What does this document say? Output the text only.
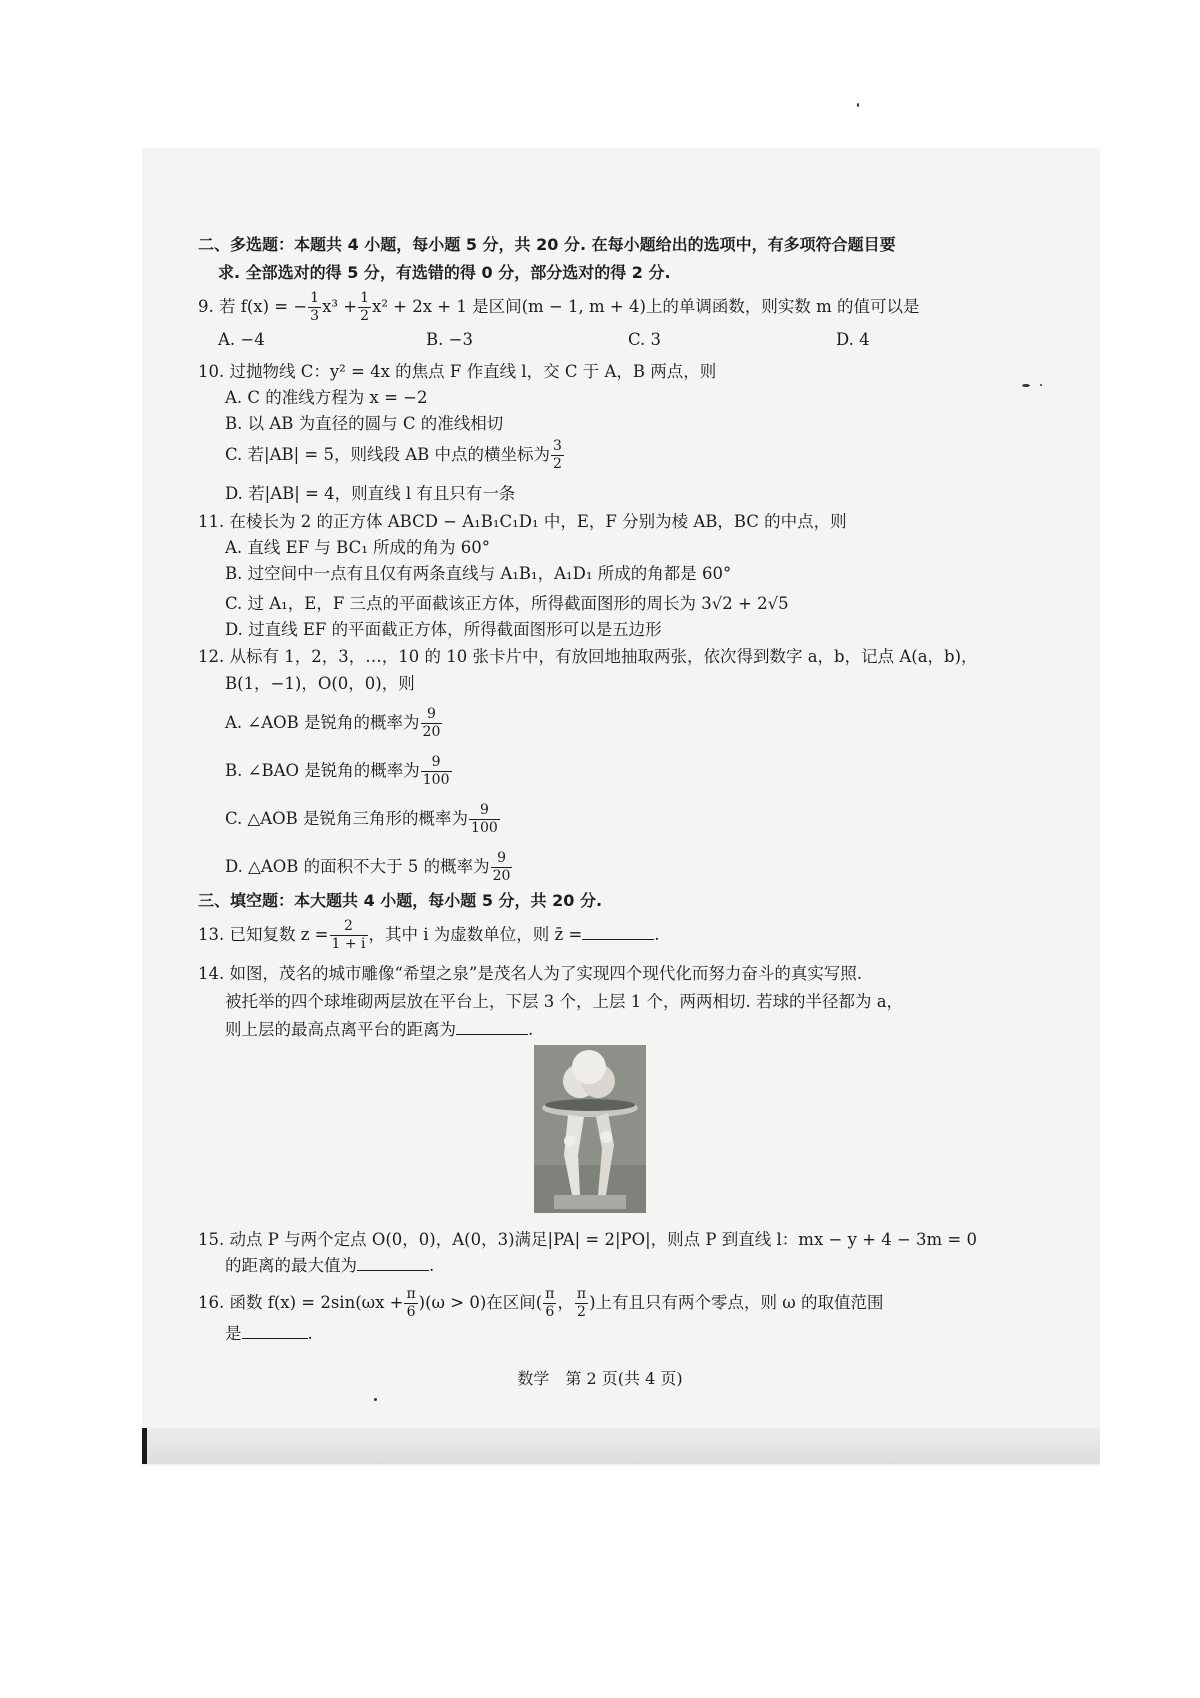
二、多选题：本题共 4 小题，每小题 5 分，共 20 分. 在每小题给出的选项中，有多项符合题目要
求. 全部选对的得 5 分，有选错的得 0 分，部分选对的得 2 分.
9. 若 f(x) = − $\frac{1}{3} x^3 + \frac{1}{2} x^2 + 2x + 1$ 是区间(m − 1, m + 4)上的单调函数，则实数 m 的值可以是
A. −4	B. −3	C. 3	D. 4
10. 过抛物线 C：y² = 4x 的焦点 F 作直线 l，交 C 于 A，B 两点，则
A. C 的准线方程为 x = −2
B. 以 AB 为直径的圆与 C 的准线相切
C. 若|AB| = 5，则线段 AB 中点的横坐标为 $\frac{3}{2}$
D. 若|AB| = 4，则直线 l 有且只有一条
11. 在棱长为 2 的正方体 ABCD − A₁B₁C₁D₁ 中，E，F 分别为棱 AB，BC 的中点，则
A. 直线 EF 与 BC₁ 所成的角为 60°
B. 过空间中一点有且仅有两条直线与 A₁B₁，A₁D₁ 所成的角都是 60°
C. 过 A₁，E，F 三点的平面截该正方体，所得截面图形的周长为 3√2 + 2√5
D. 过直线 EF 的平面截正方体，所得截面图形可以是五边形
12. 从标有 1，2，3，…，10 的 10 张卡片中，有放回地抽取两张，依次得到数字 a，b，记点 A(a，b)，
B(1，−1)，O(0，0)，则
A. ∠AOB 是锐角的概率为 $\frac{9}{20}$
B. ∠BAO 是锐角的概率为 $\frac{9}{100}$
C. △AOB 是锐角三角形的概率为 $\frac{9}{100}$
D. △AOB 的面积不大于 5 的概率为 $\frac{9}{20}$
三、填空题：本大题共 4 小题，每小题 5 分，共 20 分.
13. 已知复数 $z = \frac{2}{1 + i}$ ，其中 i 为虚数单位，则 z̄ =	.
14. 如图，茂名的城市雕像“希望之泉”是茂名人为了实现四个现代化而努力奋斗的真实写照.
被托举的四个球堆砌两层放在平台上，下层 3 个，上层 1 个，两两相切. 若球的半径都为 a，
则上层的最高点离平台的距离为	.
15. 动点 P 与两个定点 O(0，0)，A(0，3)满足|PA| = 2|PO|，则点 P 到直线 l：mx − y + 4 − 3m = 0
的距离的最大值为	.
16. 函数 $f(x) = 2\sin(\omega x + \frac{\pi}{6} )(\omega > 0)$在区间( $\frac{\pi}{6}$ ， $\frac{\pi}{2}$ )上有且只有两个零点，则 ω 的取值范围
是	.
数学　第 2 页(共 4 页)
